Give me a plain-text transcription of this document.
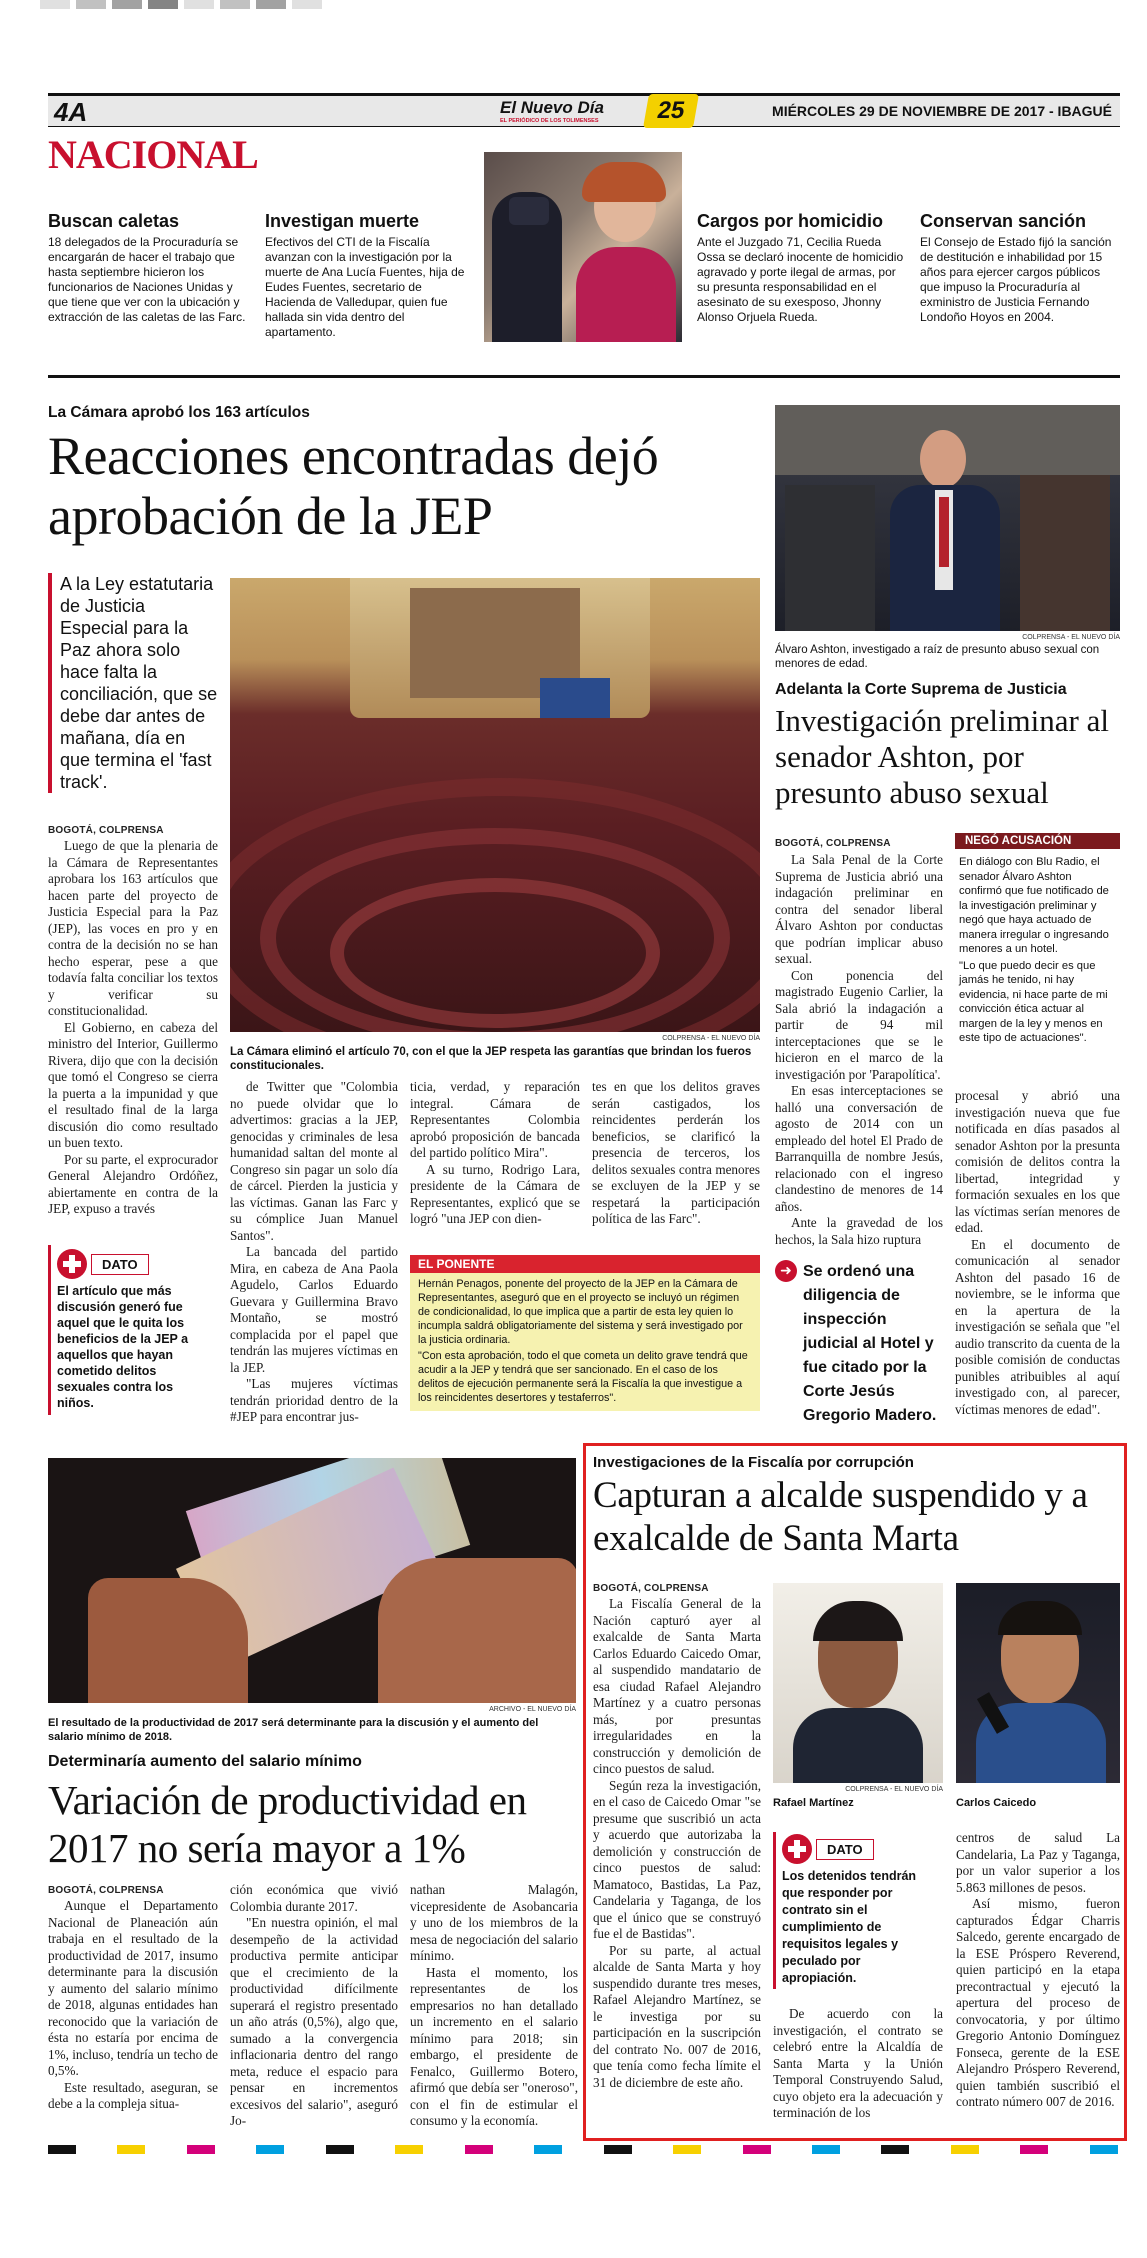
4A	El Nuevo Día
EL PERIÓDICO DE LOS TOLIMENSES	25	MIÉRCOLES 29 DE NOVIEMBRE DE 2017 - IBAGUÉ
NACIONAL
Buscan caletas

18 delegados de la Procuraduría se encargarán de hacer el trabajo que hasta septiembre hicieron los funcionarios de Naciones Unidas y que tiene que ver con la ubicación y extracción de las caletas de las Farc.

Investigan muerte

Efectivos del CTI de la Fiscalía avanzan con la investigación por la muerte de Ana Lucía Fuentes, hija de Eudes Fuentes, secretario de Hacienda de Valledupar, quien fue hallada sin vida dentro del apartamento.

Cargos por homicidio

Ante el Juzgado 71, Cecilia Rueda Ossa se declaró inocente de homicidio agravado y porte ilegal de armas, por su presunta responsabilidad en el asesinato de su exesposo, Jhonny Alonso Orjuela Rueda.

Conservan sanción

El Consejo de Estado fijó la sanción de destitución e inhabilidad por 15 años para ejercer cargos públicos que impuso la Procuraduría al exministro de Justicia Fernando Londoño Hoyos en 2004.

La Cámara aprobó los 163 artículos
Reacciones encontradas dejó aprobación de la JEP
A la Ley estatutaria de Justicia Especial para la Paz ahora solo hace falta la conciliación, que se debe dar antes de mañana, día en que termina el 'fast track'.
COLPRENSA - EL NUEVO DÍA
La Cámara eliminó el artículo 70, con el que la JEP respeta las garantías que brindan los fueros constitucionales.
BOGOTÁ, COLPRENSA

Luego de que la plenaria de la Cámara de Representantes aprobara los 163 artículos que hacen parte del proyecto de Justicia Especial para la Paz (JEP), las voces en pro y en contra de la decisión no se han hecho esperar, pese a que todavía falta conciliar los textos y verificar su constitucionalidad.

El Gobierno, en cabeza del ministro del Interior, Guillermo Rivera, dijo que con la decisión que tomó el Congreso se cierra la puerta a la impunidad y que el resultado final de la larga discusión dio como resultado un buen texto.

Por su parte, el exprocurador General Alejandro Ordóñez, abiertamente en contra de la JEP, expuso a través

DATO
El artículo que más discusión generó fue aquel que le quita los beneficios de la JEP a aquellos que hayan cometido delitos sexuales contra los niños.

de Twitter que "Colombia no puede olvidar que lo advertimos: gracias a la JEP, genocidas y criminales de lesa humanidad saltan del monte al Congreso sin pagar un solo día de cárcel. Pierden la justicia y las víctimas. Ganan las Farc y su cómplice Juan Manuel Santos".

La bancada del partido Mira, en cabeza de Ana Paola Agudelo, Carlos Eduardo Guevara y Guillermina Bravo Montaño, se mostró complacida por el papel que tendrán las mujeres víctimas en la JEP.

"Las mujeres víctimas tendrán prioridad dentro de la #JEP para encontrar jus-

ticia, verdad, y reparación integral. Cámara de Representantes Colombia aprobó proposición de bancada del partido político Mira".

A su turno, Rodrigo Lara, presidente de la Cámara de Representantes, explicó que se logró "una JEP con dien-

tes en que los delitos graves serán castigados, los reincidentes perderán los beneficios, se clarificó la presencia de terceros, los delitos sexuales contra menores se excluyen de la JEP y se respetará la participación política de las Farc".

EL PONENTE
Hernán Penagos, ponente del proyecto de la JEP en la Cámara de Representantes, aseguró que en el proyecto se incluyó un régimen de condicionalidad, lo que implica que a partir de esta ley quien lo incumpla saldrá obligatoriamente del sistema y será investigado por la justicia ordinaria.
"Con esta aprobación, todo el que cometa un delito grave tendrá que acudir a la JEP y tendrá que ser sancionado. En el caso de los delitos de ejecución permanente será la Fiscalía la que investigue a los reincidentes desertores y testaferros".
COLPRENSA - EL NUEVO DÍA
Álvaro Ashton, investigado a raíz de presunto abuso sexual con menores de edad.
Adelanta la Corte Suprema de Justicia
Investigación preliminar al senador Ashton, por presunto abuso sexual
BOGOTÁ, COLPRENSA

La Sala Penal de la Corte Suprema de Justicia abrió una indagación preliminar en contra del senador liberal Álvaro Ashton por conductas que podrían implicar abuso sexual.

Con ponencia del magistrado Eugenio Carlier, la Sala abrió la indagación a partir de 94 mil interceptaciones que se le hicieron en el marco de la investigación por 'Parapolítica'.

En esas interceptaciones se halló una conversación de agosto de 2014 con un empleado del hotel El Prado de Barranquilla de nombre Jesús, relacionado con el ingreso clandestino de menores de 14 años.

Ante la gravedad de los hechos, la Sala hizo ruptura

➜ Se ordenó una diligencia de inspección judicial al Hotel y fue citado por la Corte Jesús Gregorio Madero.
NEGÓ ACUSACIÓN
En diálogo con Blu Radio, el senador Álvaro Ashton confirmó que fue notificado de la investigación preliminar y negó que haya actuado de manera irregular o ingresando menores a un hotel.
"Lo que puedo decir es que jamás he tenido, ni hay evidencia, ni hace parte de mi convicción ética actuar al margen de la ley y menos en este tipo de actuaciones".

procesal y abrió una investigación nueva que fue notificada en días pasados al senador Ashton por la presunta comisión de delitos contra la libertad, integridad y formación sexuales en los que las víctimas serían menores de edad.

En el documento de comunicación al senador Ashton del pasado 16 de noviembre, se le informa que en la apertura de la investigación se señala que "el audio transcrito da cuenta de la posible comisión de conductas punibles atribuibles al aquí investigado con, al parecer, víctimas menores de edad".

ARCHIVO - EL NUEVO DÍA
El resultado de la productividad de 2017 será determinante para la discusión y el aumento del salario mínimo de 2018.
Determinaría aumento del salario mínimo
Variación de productividad en 2017 no sería mayor a 1%
BOGOTÁ, COLPRENSA

Aunque el Departamento Nacional de Planeación aún trabaja en el resultado de la productividad de 2017, insumo determinante para la discusión y aumento del salario mínimo de 2018, algunas entidades han reconocido que la variación de ésta no estaría por encima de 1%, incluso, tendría un techo de 0,5%.

Este resultado, aseguran, se debe a la compleja situa-

ción económica que vivió Colombia durante 2017.

"En nuestra opinión, el mal desempeño de la actividad productiva permite anticipar que el crecimiento de la productividad difícilmente superará el registro presentado un año atrás (0,5%), algo que, sumado a la convergencia inflacionaria dentro del rango meta, reduce el espacio para pensar en incrementos excesivos del salario", aseguró Jo-

nathan Malagón, vicepresidente de Asobancaria y uno de los miembros de la mesa de negociación del salario mínimo.

Hasta el momento, los representantes de los empresarios no han detallado un incremento en el salario mínimo para 2018; sin embargo, el presidente de Fenalco, Guillermo Botero, afirmó que debía ser "oneroso", con el fin de estimular el consumo y la economía.

Investigaciones de la Fiscalía por corrupción
Capturan a alcalde suspendido y a exalcalde de Santa Marta
BOGOTÁ, COLPRENSA

La Fiscalía General de la Nación capturó ayer al exalcalde de Santa Marta Carlos Eduardo Caicedo Omar, al suspendido mandatario de esa ciudad Rafael Alejandro Martínez y a cuatro personas más, por presuntas irregularidades en la construcción y demolición de cinco puestos de salud.

Según reza la investigación, en el caso de Caicedo Omar "se presume que suscribió un acta y acuerdo que autorizaba la demolición y construcción de cinco puestos de salud: Mamatoco, Bastidas, La Paz, Candelaria y Taganga, de los que el único que se construyó fue el de Bastidas".

Por su parte, al actual alcalde de Santa Marta y hoy suspendido durante tres meses, Rafael Alejandro Martínez, se le investiga por su participación en la suscripción del contrato No. 007 de 2016, que tenía como fecha límite el 31 de diciembre de este año.

COLPRENSA - EL NUEVO DÍA
Rafael Martínez	Carlos Caicedo
DATO
Los detenidos tendrán que responder por contrato sin el cumplimiento de requisitos legales y peculado por apropiación.

De acuerdo con la investigación, el contrato se celebró entre la Alcaldía de Santa Marta y la Unión Temporal Construyendo Salud, cuyo objeto era la adecuación y terminación de los

centros de salud La Candelaria, La Paz y Taganga, por un valor superior a los 5.863 millones de pesos.

Así mismo, fueron capturados Édgar Charris Salcedo, gerente encargado de la ESE Próspero Reverend, quien participó en la etapa precontractual y ejecutó la apertura del proceso de convocatoria, y por último Gregorio Antonio Domínguez Fonseca, gerente de la ESE Alejandro Próspero Reverend, quien también suscribió el contrato número 007 de 2016.
